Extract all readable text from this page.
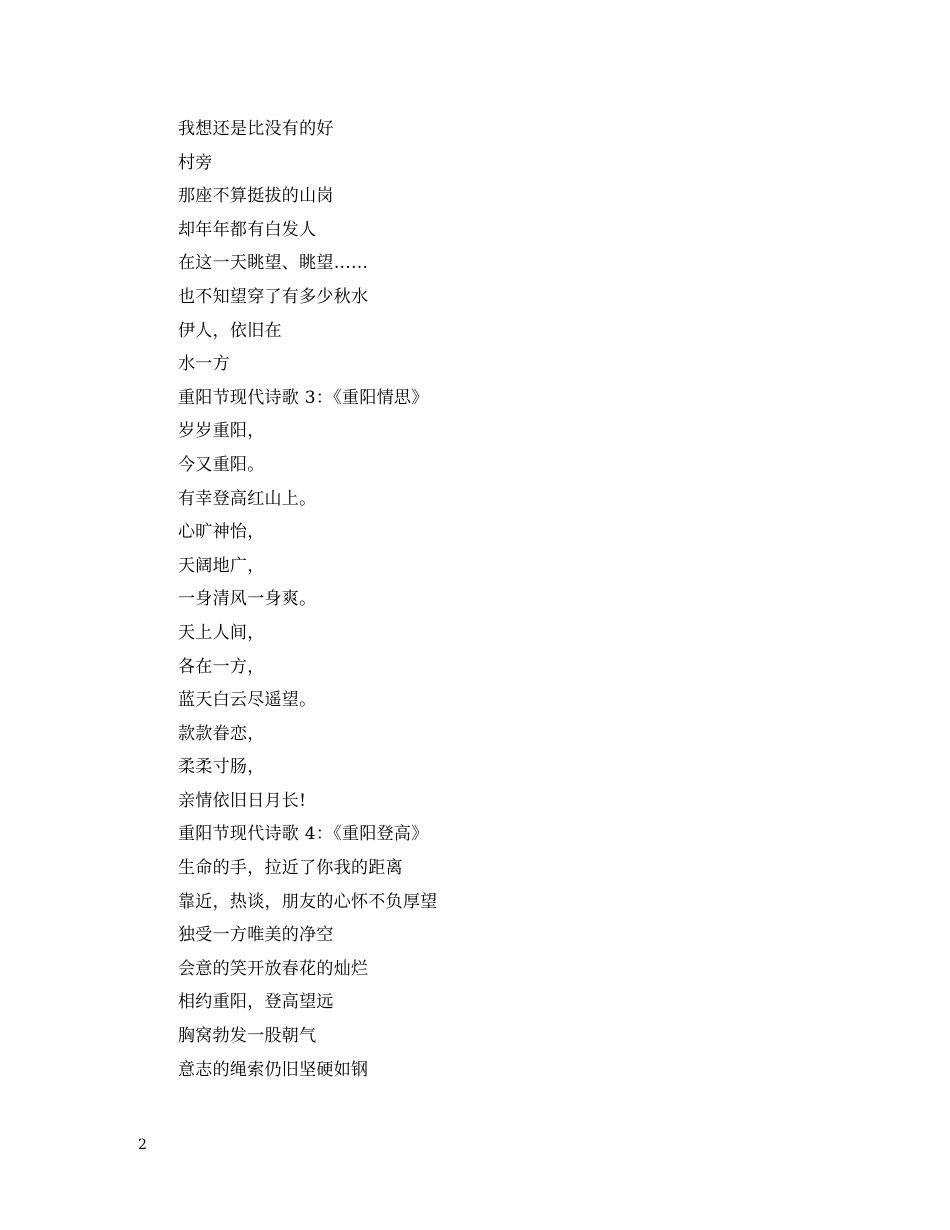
我想还是比没有的好
村旁
那座不算挺拔的山岗
却年年都有白发人
在这一天眺望、眺望……
也不知望穿了有多少秋水
伊人，依旧在
水一方
重阳节现代诗歌 3：《重阳情思》
岁岁重阳，
今又重阳。
有幸登高红山上。
心旷神怡，
天阔地广，
一身清风一身爽。
天上人间，
各在一方，
蓝天白云尽遥望。
款款眷恋，
柔柔寸肠，
亲情依旧日月长!
重阳节现代诗歌 4：《重阳登高》
生命的手，拉近了你我的距离
靠近，热谈，朋友的心怀不负厚望
独受一方唯美的净空
会意的笑开放春花的灿烂
相约重阳，登高望远
胸窝勃发一股朝气
意志的绳索仍旧坚硬如钢
2
